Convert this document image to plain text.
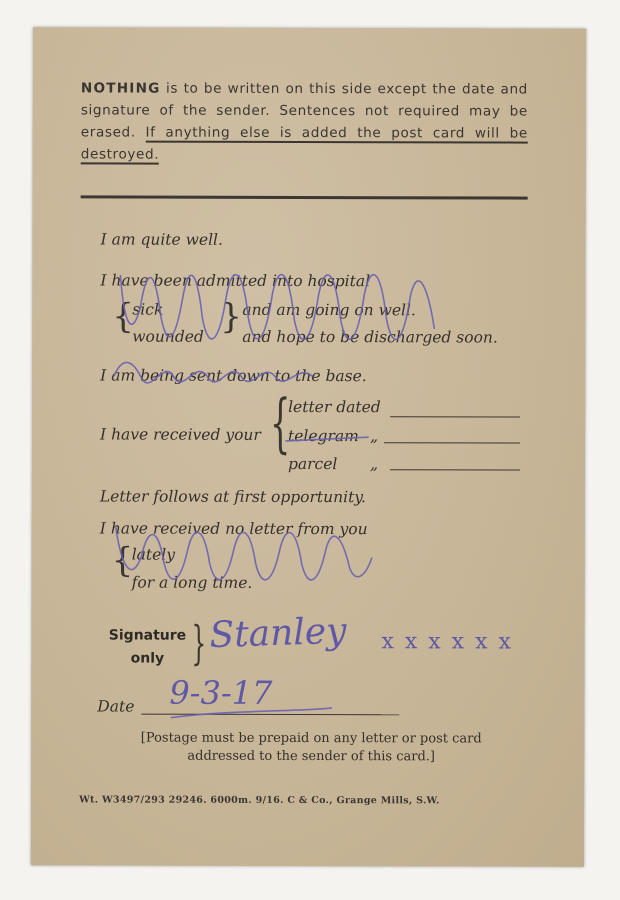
NOTHING is to be written on this side except the date and signature of the sender. Sentences not required may be erased. If anything else is added the post card will be destroyed.
I am quite well.
I have been admitted into hospital
{
sick
wounded } and am going on well.
and hope to be discharged soon.
I am being sent down to the base.
I have received your {
letter dated
telegram „
parcel „
Letter follows at first opportunity.
I have received no letter from you
{
lately
for a long time.
Signature
only } Stanley x x x x x x
Date 9-3-17
[Postage must be prepaid on any letter or post card
addressed to the sender of this card.]
Wt. W3497/293 29246. 6000m. 9/16. C & Co., Grange Mills, S.W.
